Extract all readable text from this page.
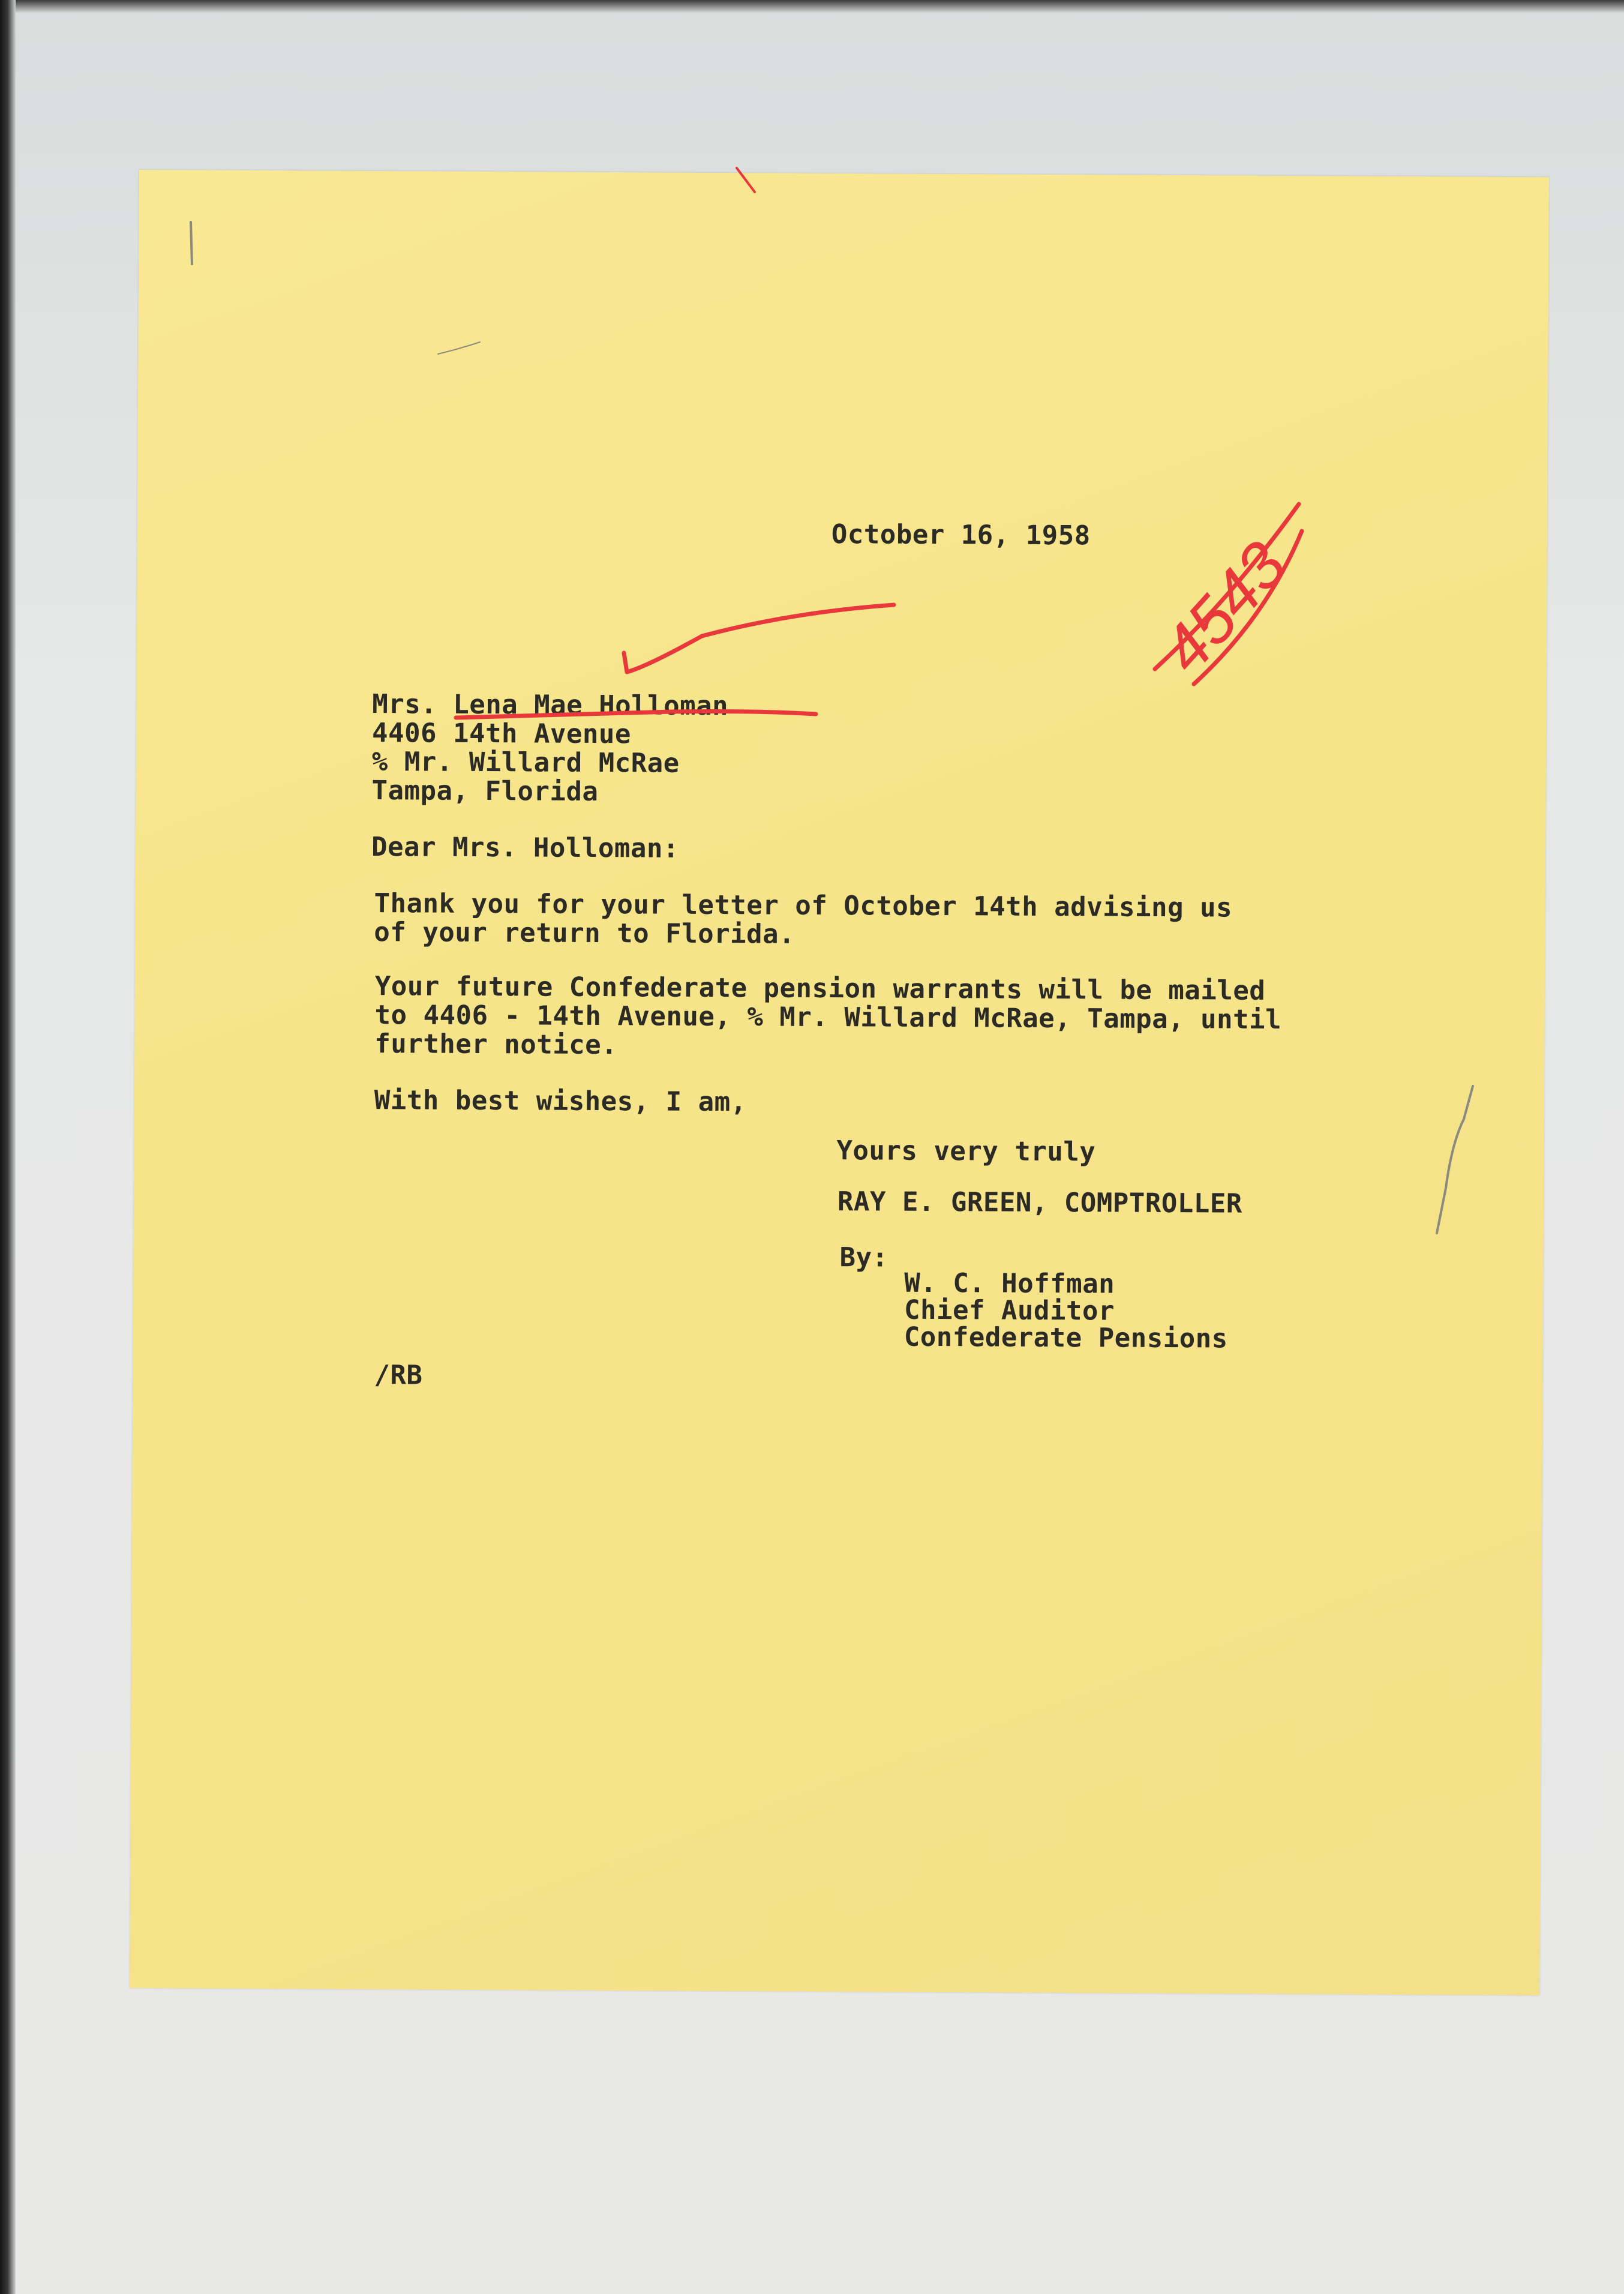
October 16, 1958
Mrs. Lena Mae Holloman
4406 14th Avenue
% Mr. Willard McRae
Tampa, Florida
Dear Mrs. Holloman:
Thank you for your letter of October 14th advising us
of your return to Florida.
Your future Confederate pension warrants will be mailed
to 4406 - 14th Avenue, % Mr. Willard McRae, Tampa, until
further notice.
With best wishes, I am,
Yours very truly
RAY E. GREEN, COMPTROLLER
By:
W. C. Hoffman
Chief Auditor
Confederate Pensions
/RB
4543
